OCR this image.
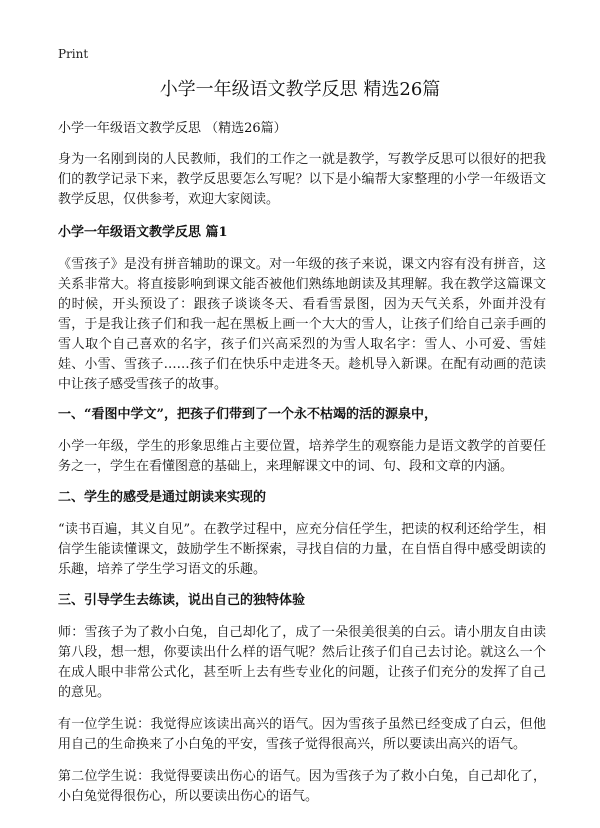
Print
小学一年级语文教学反思 精选26篇

小学一年级语文教学反思 （精选26篇）

身为一名刚到岗的人民教师，我们的工作之一就是教学，写教学反思可以很好的把我们的教学记录下来，教学反思要怎么写呢？以下是小编帮大家整理的小学一年级语文教学反思，仅供参考，欢迎大家阅读。

小学一年级语文教学反思 篇1

《雪孩子》是没有拼音辅助的课文。对一年级的孩子来说，课文内容有没有拼音，这关系非常大。将直接影响到课文能否被他们熟练地朗读及其理解。我在教学这篇课文的时候，开头预设了：跟孩子谈谈冬天、看看雪景图，因为天气关系，外面并没有雪，于是我让孩子们和我一起在黑板上画一个大大的雪人，让孩子们给自己亲手画的雪人取个自己喜欢的名字，孩子们兴高采烈的为雪人取名字：雪人、小可爱、雪娃娃、小雪、雪孩子……孩子们在快乐中走进冬天。趁机导入新课。在配有动画的范读中让孩子感受雪孩子的故事。

一、“看图中学文”，把孩子们带到了一个永不枯竭的活的源泉中，

小学一年级，学生的形象思维占主要位置，培养学生的观察能力是语文教学的首要任务之一，学生在看懂图意的基础上，来理解课文中的词、句、段和文章的内涵。

二、学生的感受是通过朗读来实现的

“读书百遍，其义自见”。在教学过程中，应充分信任学生，把读的权利还给学生，相信学生能读懂课文，鼓励学生不断探索，寻找自信的力量，在自悟自得中感受朗读的乐趣，培养了学生学习语文的乐趣。

三、引导学生去练读，说出自己的独特体验

师：雪孩子为了救小白兔，自己却化了，成了一朵很美很美的白云。请小朋友自由读第八段，想一想，你要读出什么样的语气呢？然后让孩子们自己去讨论。就这么一个在成人眼中非常公式化，甚至听上去有些专业化的问题，让孩子们充分的发挥了自己的意见。

有一位学生说：我觉得应该读出高兴的语气。因为雪孩子虽然已经变成了白云，但他用自己的生命换来了小白兔的平安，雪孩子觉得很高兴，所以要读出高兴的语气。

第二位学生说：我觉得要读出伤心的语气。因为雪孩子为了救小白兔，自己却化了，小白兔觉得很伤心，所以要读出伤心的语气。
